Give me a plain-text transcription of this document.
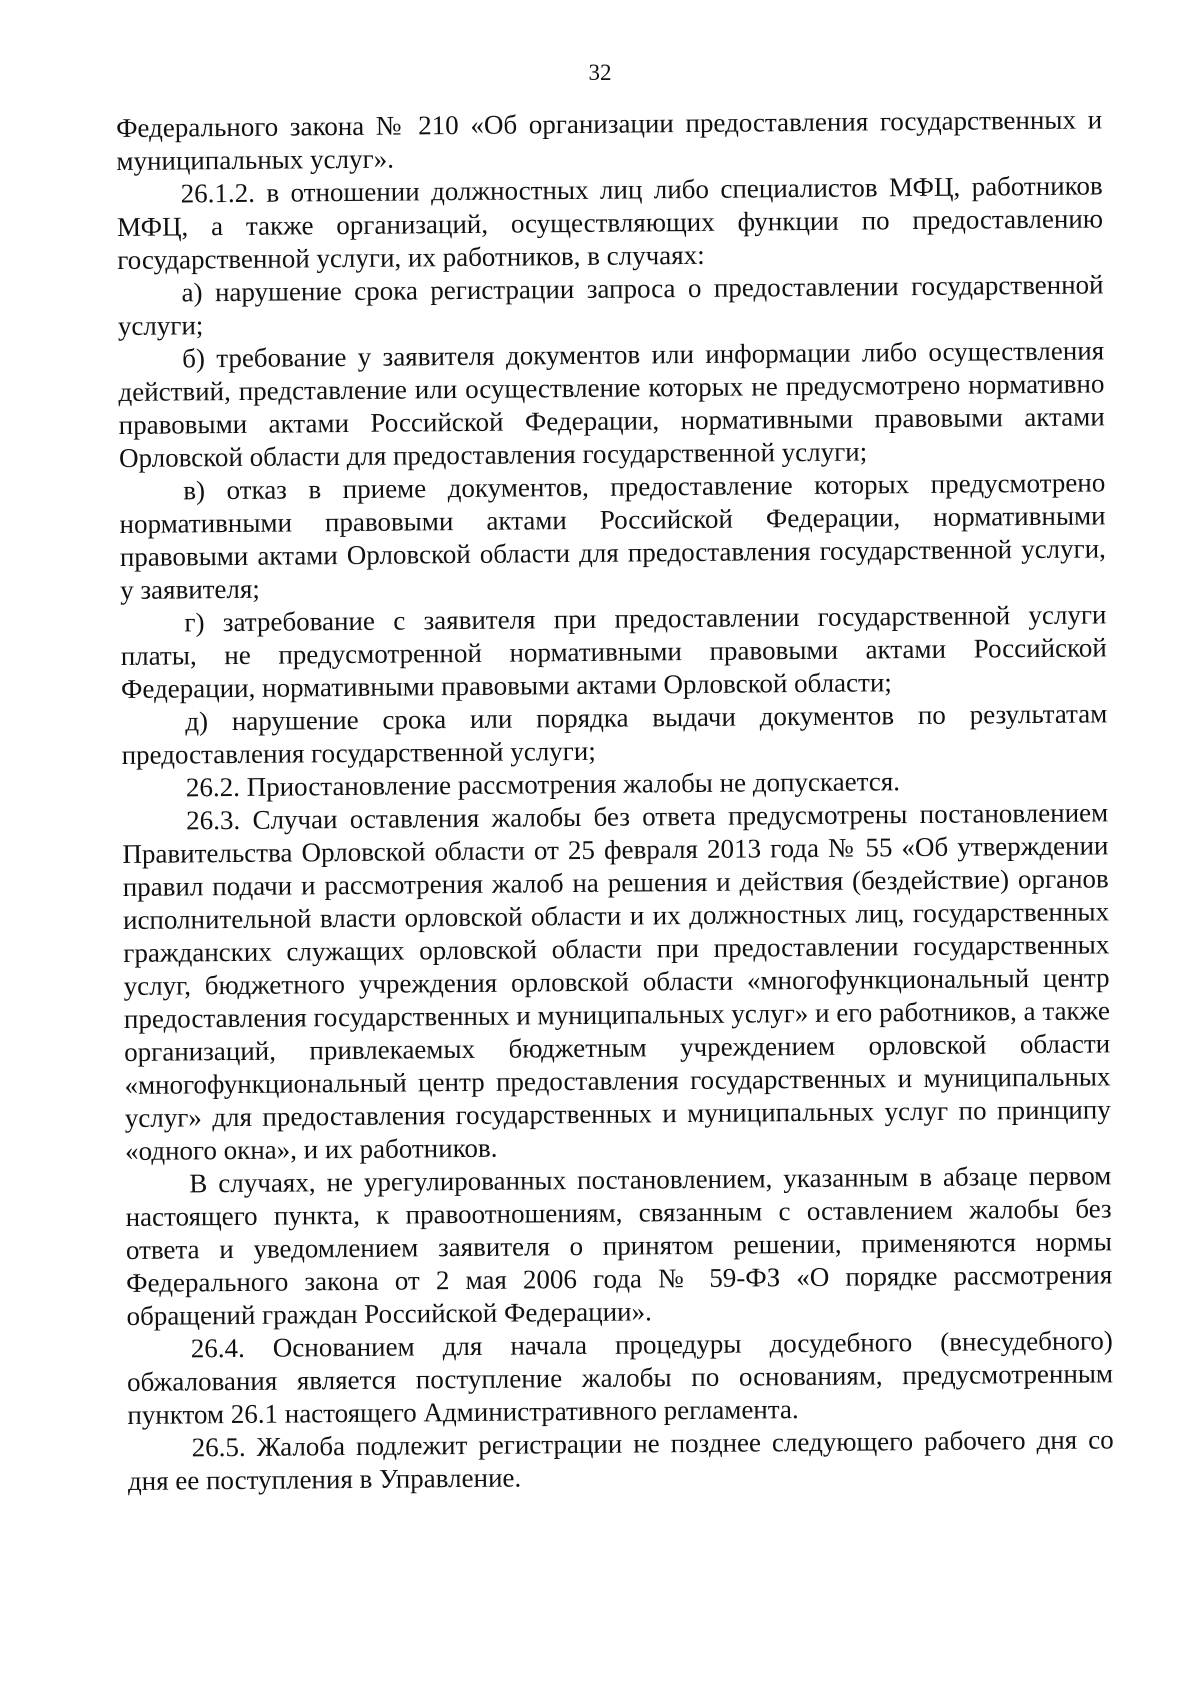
32

Федерального закона № 210 «Об организации предоставления государственных и муниципальных услуг».

26.1.2. в отношении должностных лиц либо специалистов МФЦ, работников МФЦ, а также организаций, осуществляющих функции по предоставлению государственной услуги, их работников, в случаях:

а) нарушение срока регистрации запроса о предоставлении государственной услуги;

б) требование у заявителя документов или информации либо осуществления действий, представление или осуществление которых не предусмотрено нормативно правовыми актами Российской Федерации, нормативными правовыми актами Орловской области для предоставления государственной услуги;

в) отказ в приеме документов, предоставление которых предусмотрено нормативными правовыми актами Российской Федерации, нормативными правовыми актами Орловской области для предоставления государственной услуги, у заявителя;

г) затребование с заявителя при предоставлении государственной услуги платы, не предусмотренной нормативными правовыми актами Российской Федерации, нормативными правовыми актами Орловской области;

д) нарушение срока или порядка выдачи документов по результатам предоставления государственной услуги;

26.2. Приостановление рассмотрения жалобы не допускается.

26.3. Случаи оставления жалобы без ответа предусмотрены постановлением Правительства Орловской области от 25 февраля 2013 года № 55 «Об утверждении правил подачи и рассмотрения жалоб на решения и действия (бездействие) органов исполнительной власти орловской области и их должностных лиц, государственных гражданских служащих орловской области при предоставлении государственных услуг, бюджетного учреждения орловской области «многофункциональный центр предоставления государственных и муниципальных услуг» и его работников, а также организаций, привлекаемых бюджетным учреждением орловской области «многофункциональный центр предоставления государственных и муниципальных услуг» для предоставления государственных и муниципальных услуг по принципу «одного окна», и их работников.

В случаях, не урегулированных постановлением, указанным в абзаце первом настоящего пункта, к правоотношениям, связанным с оставлением жалобы без ответа и уведомлением заявителя о принятом решении, применяются нормы Федерального закона от 2 мая 2006 года № 59-ФЗ «О порядке рассмотрения обращений граждан Российской Федерации».

26.4. Основанием для начала процедуры досудебного (внесудебного) обжалования является поступление жалобы по основаниям, предусмотренным пунктом 26.1 настоящего Административного регламента.

26.5. Жалоба подлежит регистрации не позднее следующего рабочего дня со дня ее поступления в Управление.
